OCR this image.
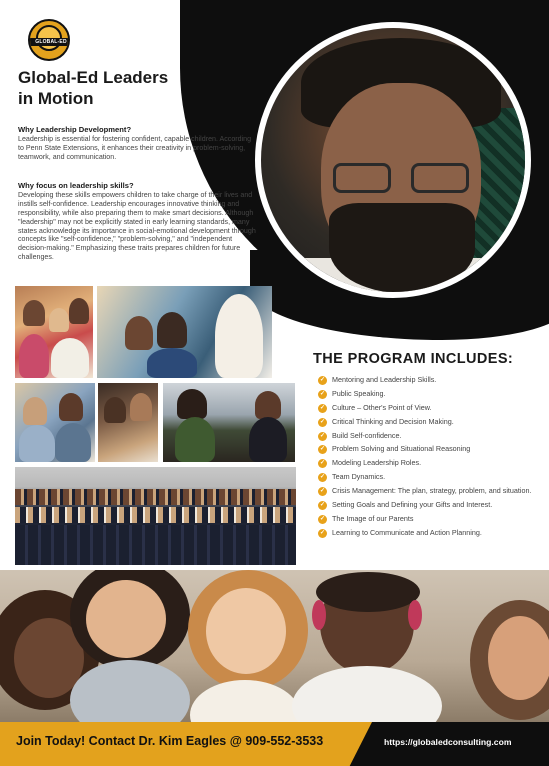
GLOBAL-ED
Global-Ed Leaders
in Motion
Why Leadership Development?
Leadership is essential for fostering confident, capable children. According to Penn State Extensions, it enhances their creativity in problem-solving, teamwork, and communication.
Why focus on leadership skills?
Developing these skills empowers children to take charge of their lives and instills self-confidence. Leadership encourages innovative thinking and responsibility, while also preparing them to make smart decisions. Although "leadership" may not be explicitly stated in early learning standards, many states acknowledge its importance in social-emotional development through concepts like "self-confidence," "problem-solving," and "independent decision-making." Emphasizing these traits prepares children for future challenges.
THE PROGRAM INCLUDES:
✓ Mentoring and Leadership Skills.
✓ Public Speaking.
✓ Culture – Other's Point of View.
✓ Critical Thinking and Decision Making.
✓ Build Self-confidence.
✓ Problem Solving and Situational Reasoning
✓ Modeling Leadership Roles.
✓ Team Dynamics.
✓ Crisis Management: The plan, strategy, problem, and situation.
✓ Setting Goals and Defining your Gifts and Interest.
✓ The Image of our Parents
✓ Learning to Communicate and Action Planning.
Join Today! Contact Dr. Kim Eagles @ 909-552-3533	https://globaledconsulting.com
